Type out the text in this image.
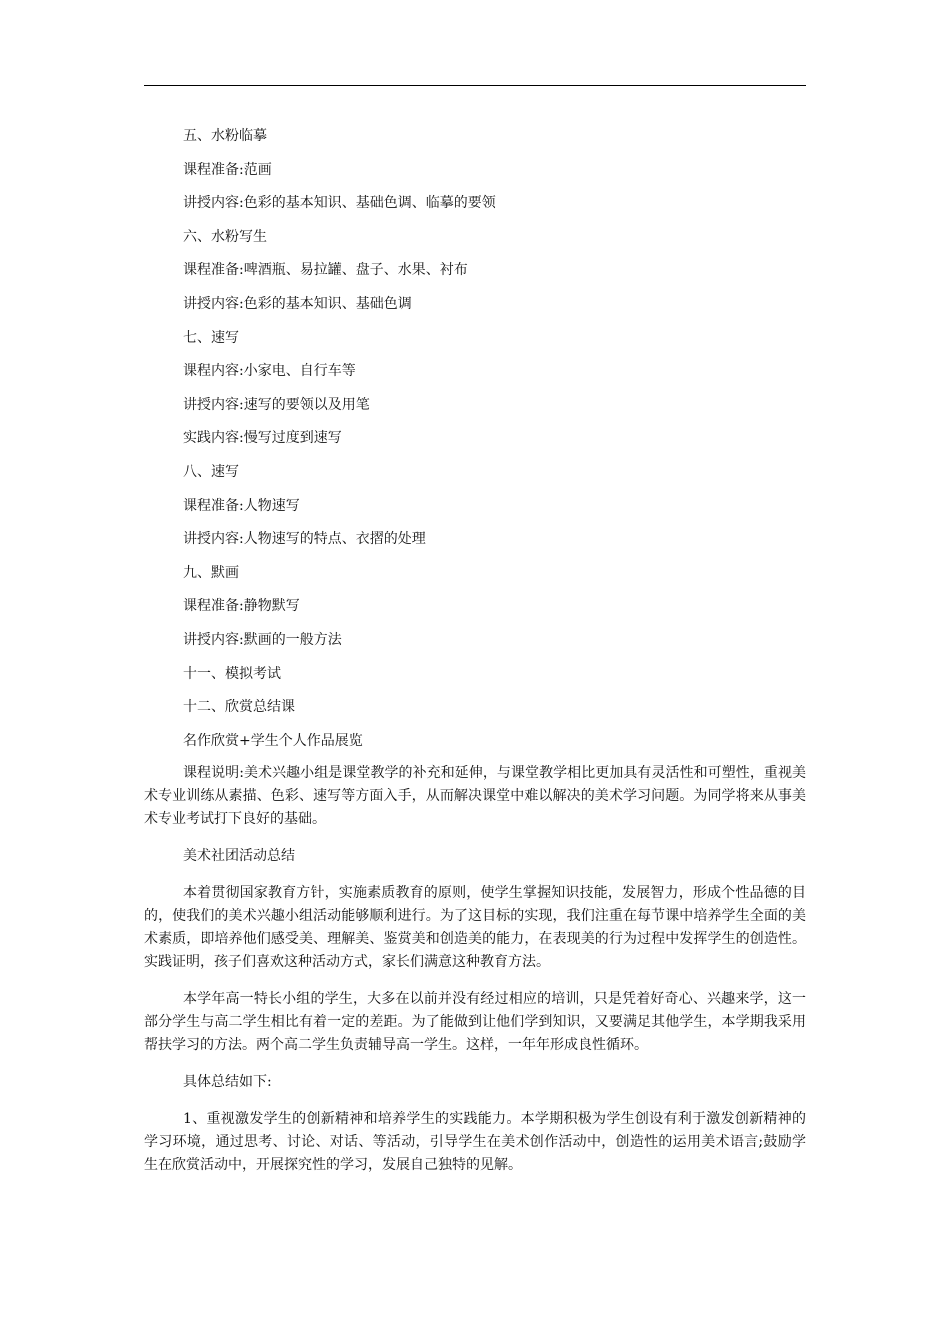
五、水粉临摹
课程准备:范画
讲授内容:色彩的基本知识、基础色调、临摹的要领
六、水粉写生
课程准备:啤酒瓶、易拉罐、盘子、水果、衬布
讲授内容:色彩的基本知识、基础色调
七、速写
课程内容:小家电、自行车等
讲授内容:速写的要领以及用笔
实践内容:慢写过度到速写
八、速写
课程准备:人物速写
讲授内容:人物速写的特点、衣摺的处理
九、默画
课程准备:静物默写
讲授内容:默画的一般方法
十一、模拟考试
十二、欣赏总结课
名作欣赏+学生个人作品展览

课程说明:美术兴趣小组是课堂教学的补充和延伸，与课堂教学相比更加具有灵活性和可塑性，重视美术专业训练从素描、色彩、速写等方面入手，从而解决课堂中难以解决的美术学习问题。为同学将来从事美术专业考试打下良好的基础。

美术社团活动总结

本着贯彻国家教育方针，实施素质教育的原则，使学生掌握知识技能，发展智力，形成个性品德的目的，使我们的美术兴趣小组活动能够顺利进行。为了这目标的实现，我们注重在每节课中培养学生全面的美术素质，即培养他们感受美、理解美、鉴赏美和创造美的能力，在表现美的行为过程中发挥学生的创造性。实践证明，孩子们喜欢这种活动方式，家长们满意这种教育方法。

本学年高一特长小组的学生，大多在以前并没有经过相应的培训，只是凭着好奇心、兴趣来学，这一部分学生与高二学生相比有着一定的差距。为了能做到让他们学到知识，又要满足其他学生，本学期我采用帮扶学习的方法。两个高二学生负责辅导高一学生。这样，一年年形成良性循环。

具体总结如下:

1、重视激发学生的创新精神和培养学生的实践能力。本学期积极为学生创设有利于激发创新精神的学习环境，通过思考、讨论、对话、等活动，引导学生在美术创作活动中，创造性的运用美术语言;鼓励学生在欣赏活动中，开展探究性的学习，发展自己独特的见解。
